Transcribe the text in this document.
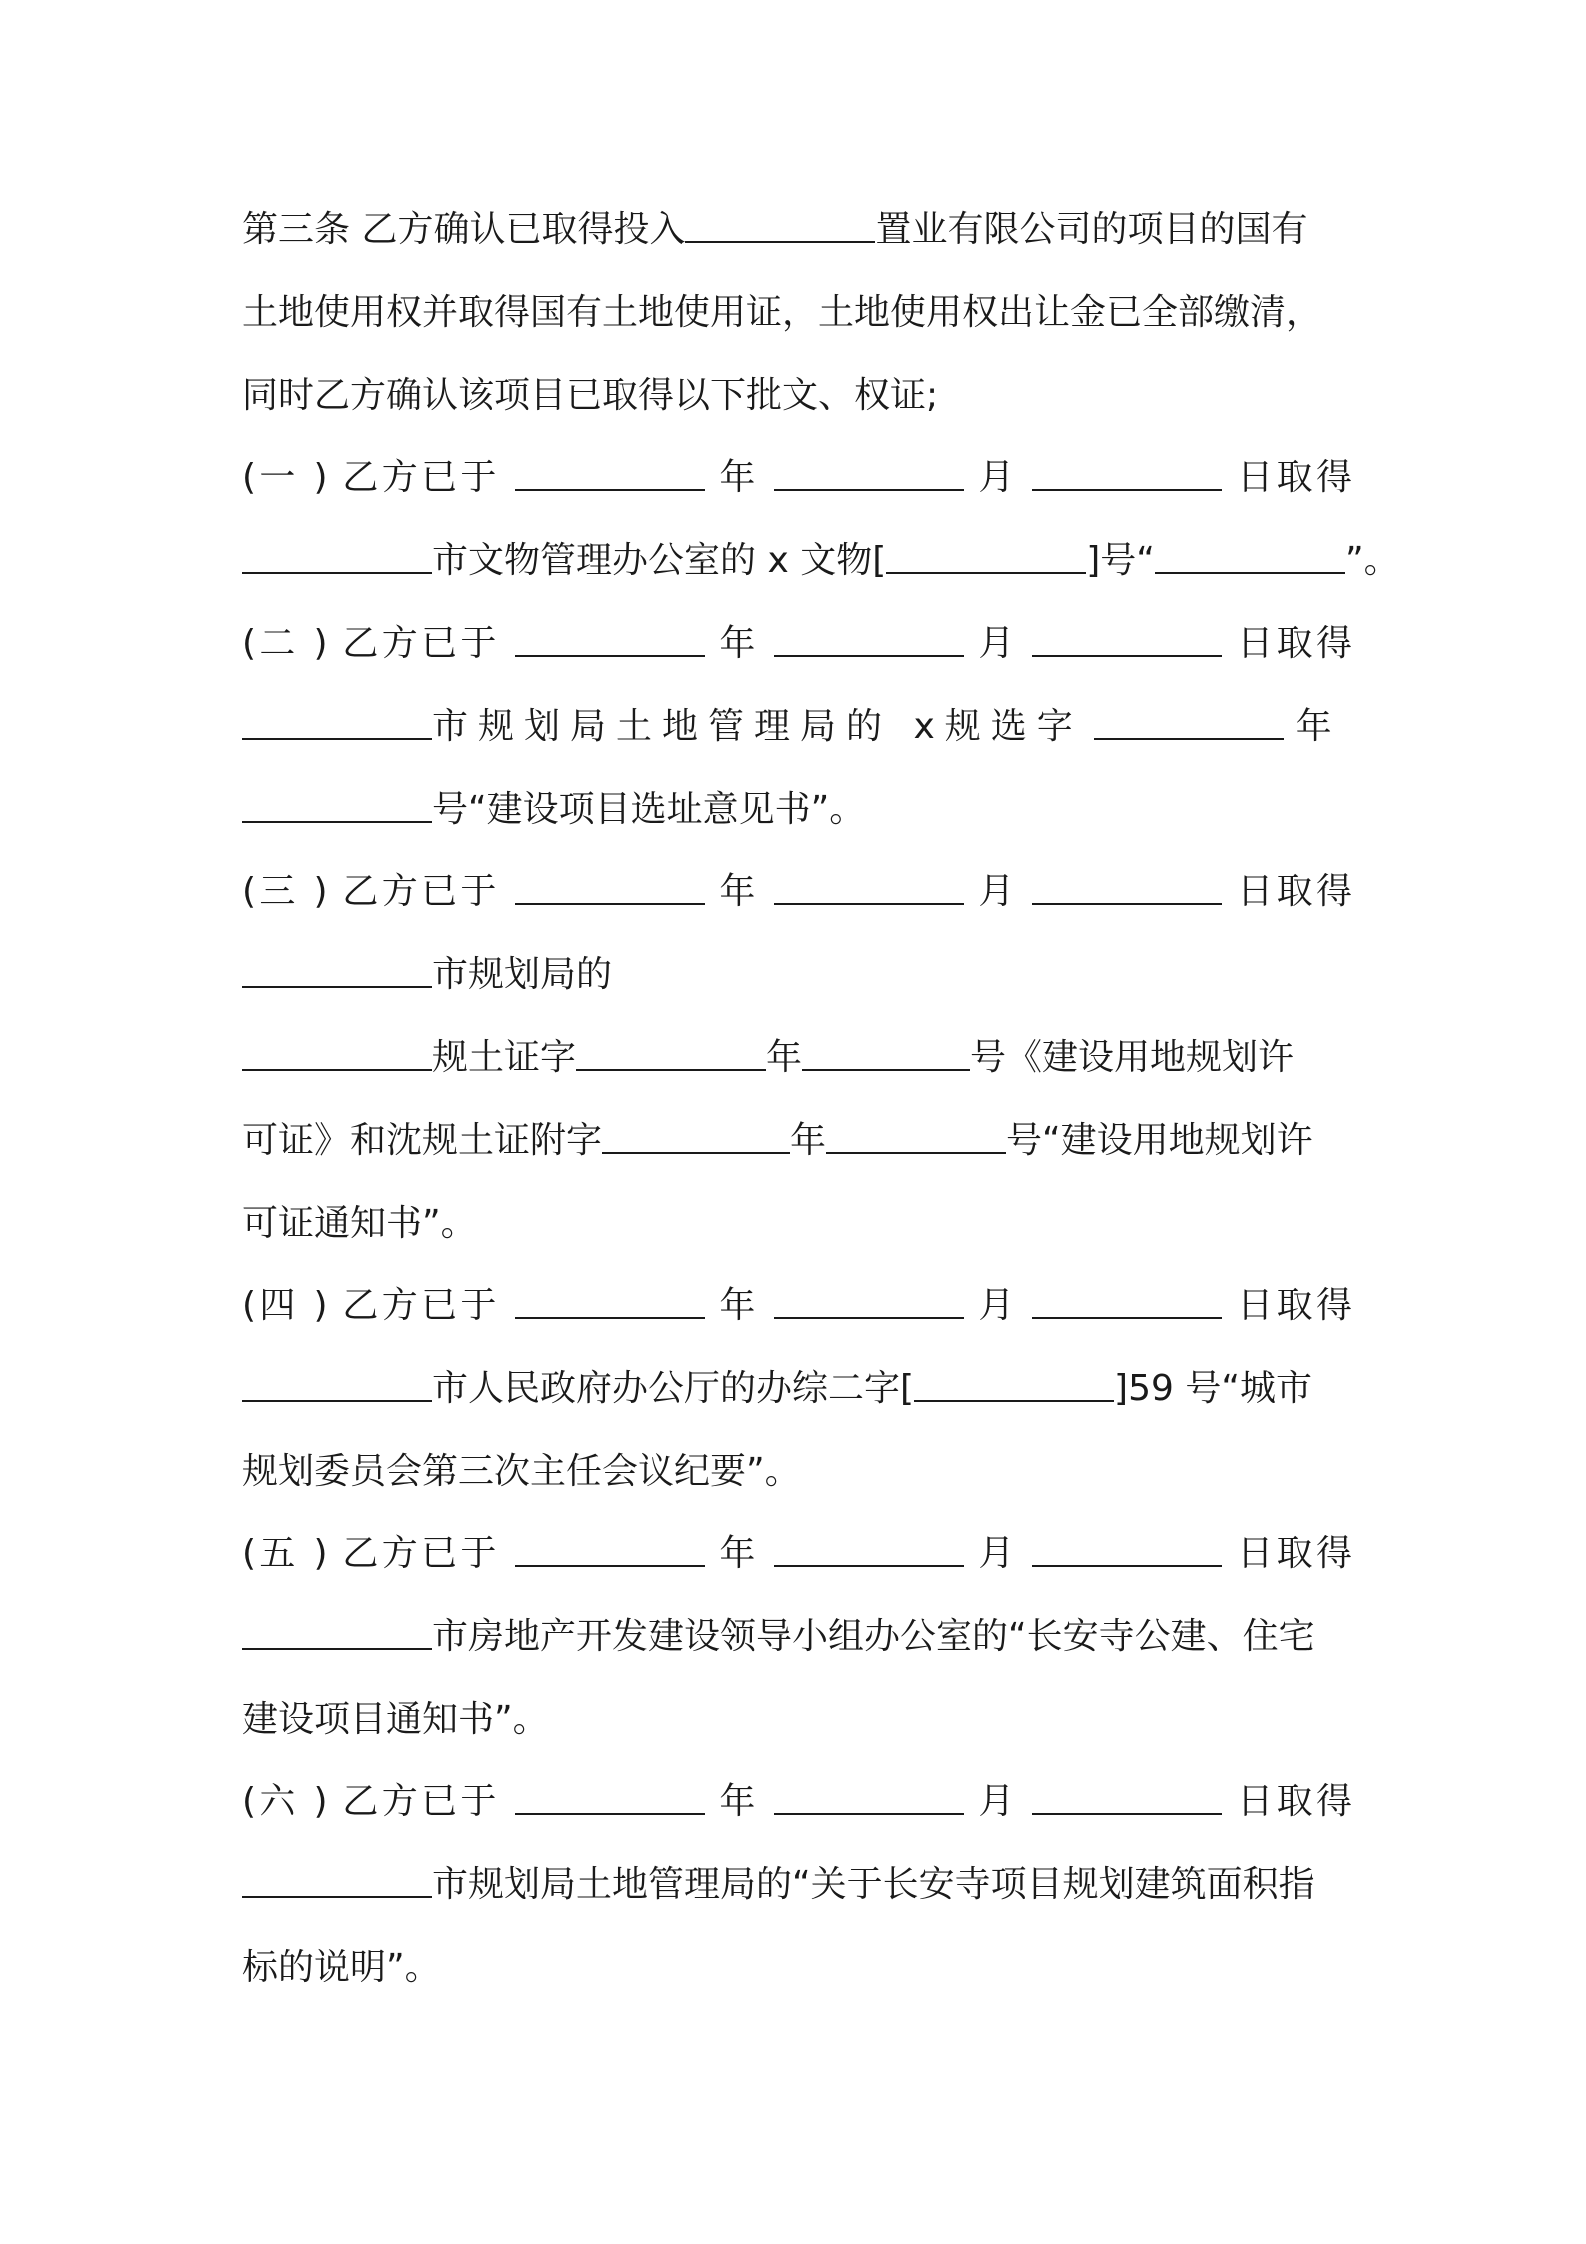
第三条 乙方确认已取得投入	置业有限公司的项目的国有
土地使用权并取得国有土地使用证，土地使用权出让金已全部缴清，
同时乙方确认该项目已取得以下批文、权证;
(一 ) 乙方已于	年	月	日取得
市文物管理办公室的 x 文物[	]号“	”。
(二 ) 乙方已于	年	月	日取得
市规划局土地管理局的 x规选字	年
号“建设项目选址意见书”。
(三 ) 乙方已于	年	月	日取得
市规划局的
规土证字	年	号《建设用地规划许
可证》和沈规土证附字	年	号“建设用地规划许
可证通知书”。
(四 ) 乙方已于	年	月	日取得
市人民政府办公厅的办综二字[	]59 号“城市
规划委员会第三次主任会议纪要”。
(五 ) 乙方已于	年	月	日取得
市房地产开发建设领导小组办公室的“长安寺公建、住宅
建设项目通知书”。
(六 ) 乙方已于	年	月	日取得
市规划局土地管理局的“关于长安寺项目规划建筑面积指
标的说明”。
